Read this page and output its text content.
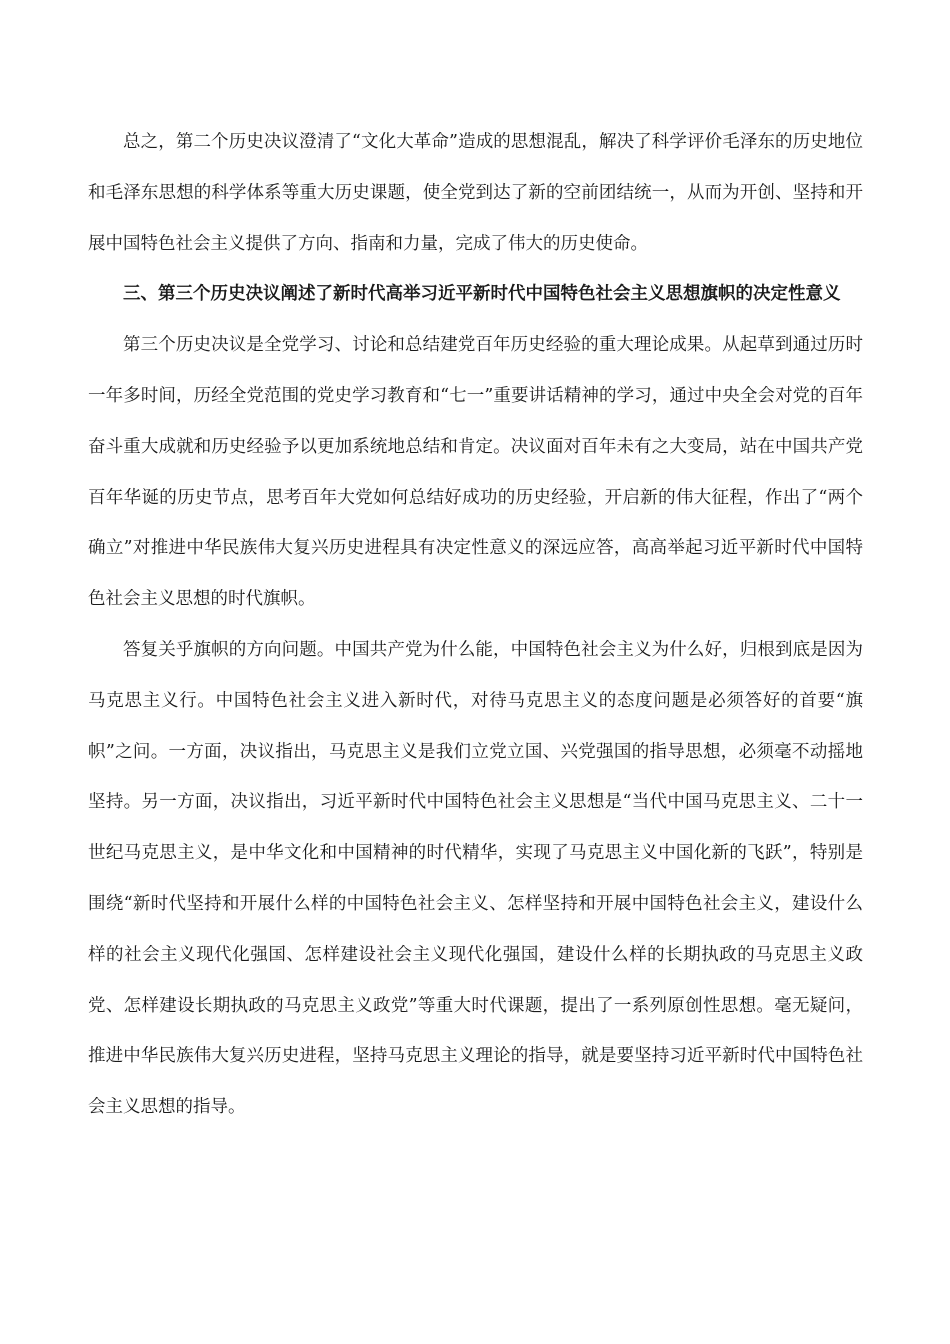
总之，第二个历史决议澄清了“文化大革命”造成的思想混乱，解决了科学评价毛泽东的历史地位和毛泽东思想的科学体系等重大历史课题，使全党到达了新的空前团结统一，从而为开创、坚持和开展中国特色社会主义提供了方向、指南和力量，完成了伟大的历史使命。

三、第三个历史决议阐述了新时代高举习近平新时代中国特色社会主义思想旗帜的决定性意义

第三个历史决议是全党学习、讨论和总结建党百年历史经验的重大理论成果。从起草到通过历时一年多时间，历经全党范围的党史学习教育和“七一”重要讲话精神的学习，通过中央全会对党的百年奋斗重大成就和历史经验予以更加系统地总结和肯定。决议面对百年未有之大变局，站在中国共产党百年华诞的历史节点，思考百年大党如何总结好成功的历史经验，开启新的伟大征程，作出了“两个确立”对推进中华民族伟大复兴历史进程具有决定性意义的深远应答，高高举起习近平新时代中国特色社会主义思想的时代旗帜。

答复关乎旗帜的方向问题。中国共产党为什么能，中国特色社会主义为什么好，归根到底是因为马克思主义行。中国特色社会主义进入新时代，对待马克思主义的态度问题是必须答好的首要“旗帜”之问。一方面，决议指出，马克思主义是我们立党立国、兴党强国的指导思想，必须毫不动摇地坚持。另一方面，决议指出，习近平新时代中国特色社会主义思想是“当代中国马克思主义、二十一世纪马克思主义，是中华文化和中国精神的时代精华，实现了马克思主义中国化新的飞跃”，特别是围绕“新时代坚持和开展什么样的中国特色社会主义、怎样坚持和开展中国特色社会主义，建设什么样的社会主义现代化强国、怎样建设社会主义现代化强国，建设什么样的长期执政的马克思主义政党、怎样建设长期执政的马克思主义政党”等重大时代课题，提出了一系列原创性思想。毫无疑问，推进中华民族伟大复兴历史进程，坚持马克思主义理论的指导，就是要坚持习近平新时代中国特色社会主义思想的指导。
